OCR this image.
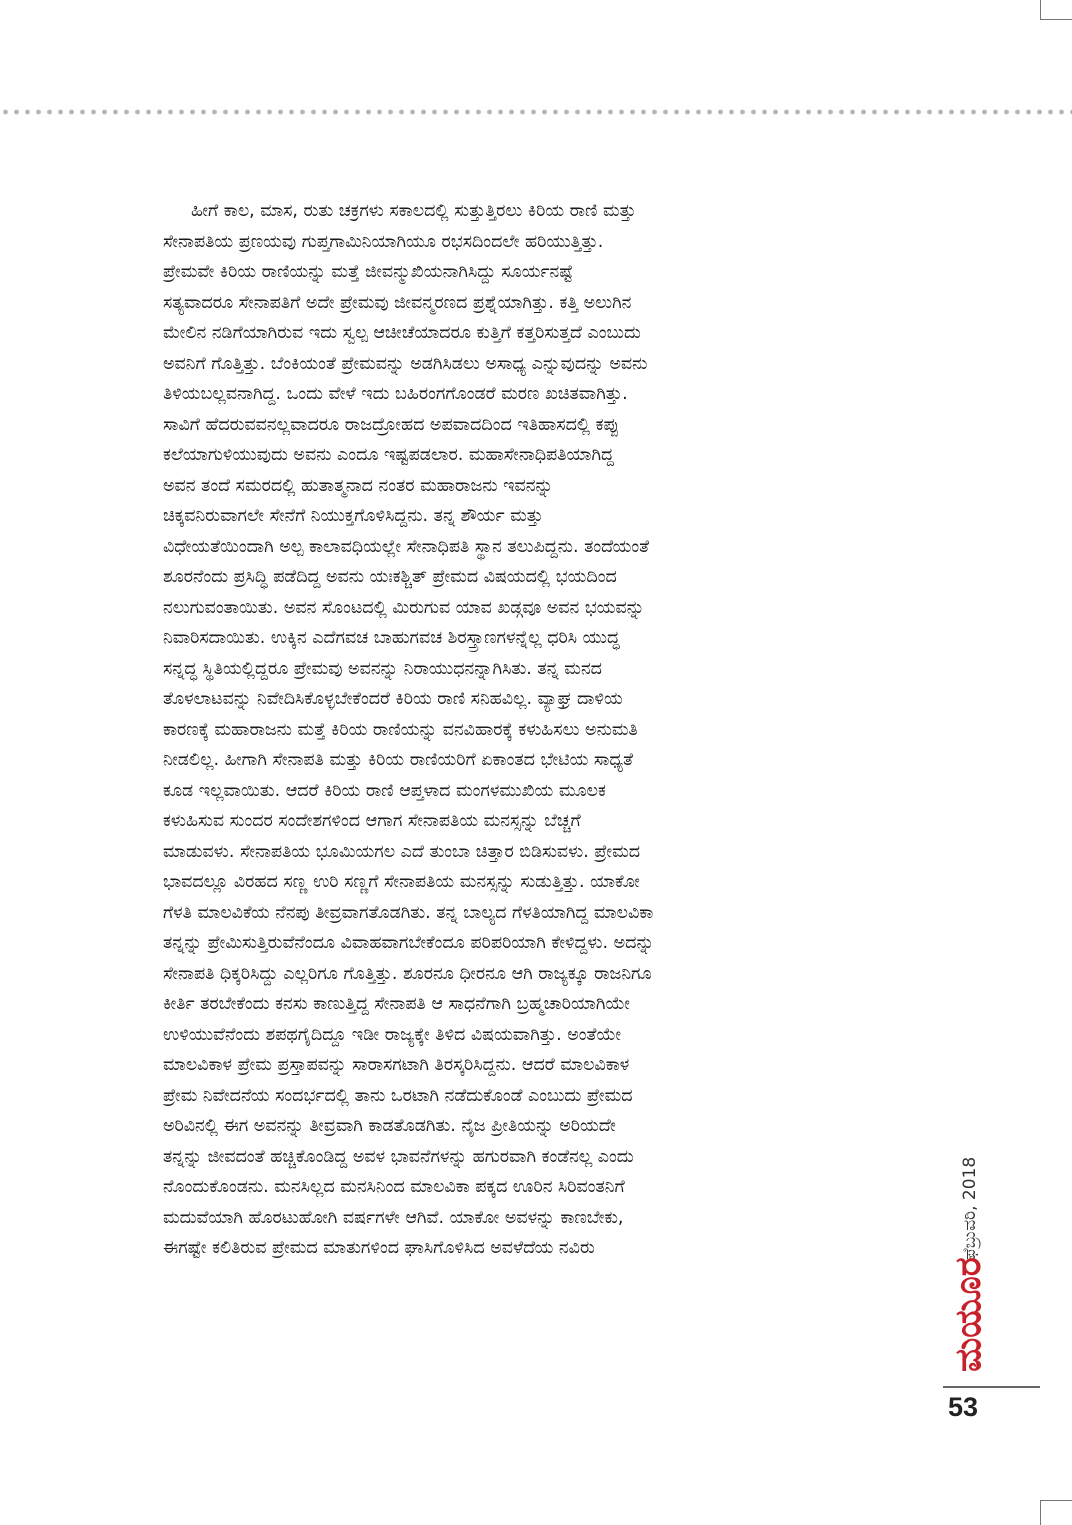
ಹೀಗೆ ಕಾಲ, ಮಾಸ, ರುತು ಚಕ್ರಗಳು ಸಕಾಲದಲ್ಲಿ ಸುತ್ತುತ್ತಿರಲು ಕಿರಿಯ ರಾಣಿ ಮತ್ತು

ಸೇನಾಪತಿಯ ಪ್ರಣಯವು ಗುಪ್ತಗಾಮಿನಿಯಾಗಿಯೂ ರಭಸದಿಂದಲೇ ಹರಿಯುತ್ತಿತ್ತು.

ಪ್ರೇಮವೇ ಕಿರಿಯ ರಾಣಿಯನ್ನು ಮತ್ತೆ ಜೀವನ್ಮುಖಿಯನಾಗಿಸಿದ್ದು ಸೂರ್ಯನಷ್ಟೆ

ಸತ್ಯವಾದರೂ ಸೇನಾಪತಿಗೆ ಅದೇ ಪ್ರೇಮವು ಜೀವನ್ಮರಣದ ಪ್ರಶ್ನೆಯಾಗಿತ್ತು. ಕತ್ತಿ ಅಲುಗಿನ

ಮೇಲಿನ ನಡಿಗೆಯಾಗಿರುವ ಇದು ಸ್ವಲ್ಪ ಆಚೀಚೆಯಾದರೂ ಕುತ್ತಿಗೆ ಕತ್ತರಿಸುತ್ತದೆ ಎಂಬುದು

ಅವನಿಗೆ ಗೊತ್ತಿತ್ತು. ಬೆಂಕಿಯಂತೆ ಪ್ರೇಮವನ್ನು ಅಡಗಿಸಿಡಲು ಅಸಾಧ್ಯ ಎನ್ನುವುದನ್ನು ಅವನು

ತಿಳಿಯಬಲ್ಲವನಾಗಿದ್ದ. ಒಂದು ವೇಳೆ ಇದು ಬಹಿರಂಗಗೊಂಡರೆ ಮರಣ ಖಚಿತವಾಗಿತ್ತು.

ಸಾವಿಗೆ ಹೆದರುವವನಲ್ಲವಾದರೂ ರಾಜದ್ರೋಹದ ಅಪವಾದದಿಂದ ಇತಿಹಾಸದಲ್ಲಿ ಕಪ್ಪು

ಕಲೆಯಾಗುಳಿಯುವುದು ಅವನು ಎಂದೂ ಇಷ್ಟಪಡಲಾರ. ಮಹಾಸೇನಾಧಿಪತಿಯಾಗಿದ್ದ

ಅವನ ತಂದೆ ಸಮರದಲ್ಲಿ ಹುತಾತ್ಮನಾದ ನಂತರ ಮಹಾರಾಜನು ಇವನನ್ನು

ಚಿಕ್ಕವನಿರುವಾಗಲೇ ಸೇನೆಗೆ ನಿಯುಕ್ತಗೊಳಿಸಿದ್ದನು. ತನ್ನ ಶೌರ್ಯ ಮತ್ತು

ವಿಧೇಯತೆಯಿಂದಾಗಿ ಅಲ್ಪ ಕಾಲಾವಧಿಯಲ್ಲೇ ಸೇನಾಧಿಪತಿ ಸ್ಥಾನ ತಲುಪಿದ್ದನು. ತಂದೆಯಂತೆ

ಶೂರನೆಂದು ಪ್ರಸಿದ್ಧಿ ಪಡೆದಿದ್ದ ಅವನು ಯಃಕಶ್ಚಿತ್ ಪ್ರೇಮದ ವಿಷಯದಲ್ಲಿ ಭಯದಿಂದ

ನಲುಗುವಂತಾಯಿತು. ಅವನ ಸೊಂಟದಲ್ಲಿ ಮಿರುಗುವ ಯಾವ ಖಡ್ಗವೂ ಅವನ ಭಯವನ್ನು

ನಿವಾರಿಸದಾಯಿತು. ಉಕ್ಕಿನ ಎದೆಗವಚ ಬಾಹುಗವಚ ಶಿರಸ್ತ್ರಾಣಗಳನ್ನೆಲ್ಲ ಧರಿಸಿ ಯುದ್ಧ

ಸನ್ನದ್ಧ ಸ್ಥಿತಿಯಲ್ಲಿದ್ದರೂ ಪ್ರೇಮವು ಅವನನ್ನು ನಿರಾಯುಧನನ್ನಾಗಿಸಿತು. ತನ್ನ ಮನದ

ತೊಳಲಾಟವನ್ನು ನಿವೇದಿಸಿಕೊಳ್ಳಬೇಕೆಂದರೆ ಕಿರಿಯ ರಾಣಿ ಸನಿಹವಿಲ್ಲ. ವ್ಯಾಘ್ರ ದಾಳಿಯ

ಕಾರಣಕ್ಕೆ ಮಹಾರಾಜನು ಮತ್ತೆ ಕಿರಿಯ ರಾಣಿಯನ್ನು ವನವಿಹಾರಕ್ಕೆ ಕಳುಹಿಸಲು ಅನುಮತಿ

ನೀಡಲಿಲ್ಲ. ಹೀಗಾಗಿ ಸೇನಾಪತಿ ಮತ್ತು ಕಿರಿಯ ರಾಣಿಯರಿಗೆ ಏಕಾಂತದ ಭೇಟಿಯ ಸಾಧ್ಯತೆ

ಕೂಡ ಇಲ್ಲವಾಯಿತು. ಆದರೆ ಕಿರಿಯ ರಾಣಿ ಆಪ್ತಳಾದ ಮಂಗಳಮುಖಿಯ ಮೂಲಕ

ಕಳುಹಿಸುವ ಸುಂದರ ಸಂದೇಶಗಳಿಂದ ಆಗಾಗ ಸೇನಾಪತಿಯ ಮನಸ್ಸನ್ನು ಬೆಚ್ಚಗೆ

ಮಾಡುವಳು. ಸೇನಾಪತಿಯ ಭೂಮಿಯಗಲ ಎದೆ ತುಂಬಾ ಚಿತ್ತಾರ ಬಿಡಿಸುವಳು. ಪ್ರೇಮದ

ಭಾವದಲ್ಲೂ ವಿರಹದ ಸಣ್ಣ ಉರಿ ಸಣ್ಣಗೆ ಸೇನಾಪತಿಯ ಮನಸ್ಸನ್ನು ಸುಡುತ್ತಿತ್ತು. ಯಾಕೋ

ಗೆಳತಿ ಮಾಲವಿಕೆಯ ನೆನಪು ತೀವ್ರವಾಗತೊಡಗಿತು. ತನ್ನ ಬಾಲ್ಯದ ಗೆಳತಿಯಾಗಿದ್ದ ಮಾಲವಿಕಾ

ತನ್ನನ್ನು ಪ್ರೇಮಿಸುತ್ತಿರುವೆನೆಂದೂ ವಿವಾಹವಾಗಬೇಕೆಂದೂ ಪರಿಪರಿಯಾಗಿ ಕೇಳಿದ್ದಳು. ಅದನ್ನು

ಸೇನಾಪತಿ ಧಿಕ್ಕರಿಸಿದ್ದು ಎಲ್ಲರಿಗೂ ಗೊತ್ತಿತ್ತು. ಶೂರನೂ ಧೀರನೂ ಆಗಿ ರಾಜ್ಯಕ್ಕೂ ರಾಜನಿಗೂ

ಕೀರ್ತಿ ತರಬೇಕೆಂದು ಕನಸು ಕಾಣುತ್ತಿದ್ದ ಸೇನಾಪತಿ ಆ ಸಾಧನೆಗಾಗಿ ಬ್ರಹ್ಮಚಾರಿಯಾಗಿಯೇ

ಉಳಿಯುವೆನೆಂದು ಶಪಥಗೈದಿದ್ದೂ ಇಡೀ ರಾಜ್ಯಕ್ಕೇ ತಿಳಿದ ವಿಷಯವಾಗಿತ್ತು. ಅಂತೆಯೇ

ಮಾಲವಿಕಾಳ ಪ್ರೇಮ ಪ್ರಸ್ತಾಪವನ್ನು ಸಾರಾಸಗಟಾಗಿ ತಿರಸ್ಕರಿಸಿದ್ದನು. ಆದರೆ ಮಾಲವಿಕಾಳ

ಪ್ರೇಮ ನಿವೇದನೆಯ ಸಂದರ್ಭದಲ್ಲಿ ತಾನು ಒರಟಾಗಿ ನಡೆದುಕೊಂಡೆ ಎಂಬುದು ಪ್ರೇಮದ

ಅರಿವಿನಲ್ಲಿ ಈಗ ಅವನನ್ನು ತೀವ್ರವಾಗಿ ಕಾಡತೊಡಗಿತು. ನೈಜ ಪ್ರೀತಿಯನ್ನು ಅರಿಯದೇ

ತನ್ನನ್ನು ಜೀವದಂತೆ ಹಚ್ಚಿಕೊಂಡಿದ್ದ ಅವಳ ಭಾವನೆಗಳನ್ನು ಹಗುರವಾಗಿ ಕಂಡೆನಲ್ಲ ಎಂದು

ನೊಂದುಕೊಂಡನು. ಮನಸಿಲ್ಲದ ಮನಸಿನಿಂದ ಮಾಲವಿಕಾ ಪಕ್ಕದ ಊರಿನ ಸಿರಿವಂತನಿಗೆ

ಮದುವೆಯಾಗಿ ಹೊರಟುಹೋಗಿ ವರ್ಷಗಳೇ ಆಗಿವೆ. ಯಾಕೋ ಅವಳನ್ನು ಕಾಣಬೇಕು,

ಈಗಷ್ಟೇ ಕಲಿತಿರುವ ಪ್ರೇಮದ ಮಾತುಗಳಿಂದ ಘಾಸಿಗೊಳಿಸಿದ ಅವಳೆದೆಯ ನವಿರು	ಫೆಬ್ರುವರಿ, 2018
ಮಯೂರ
53
